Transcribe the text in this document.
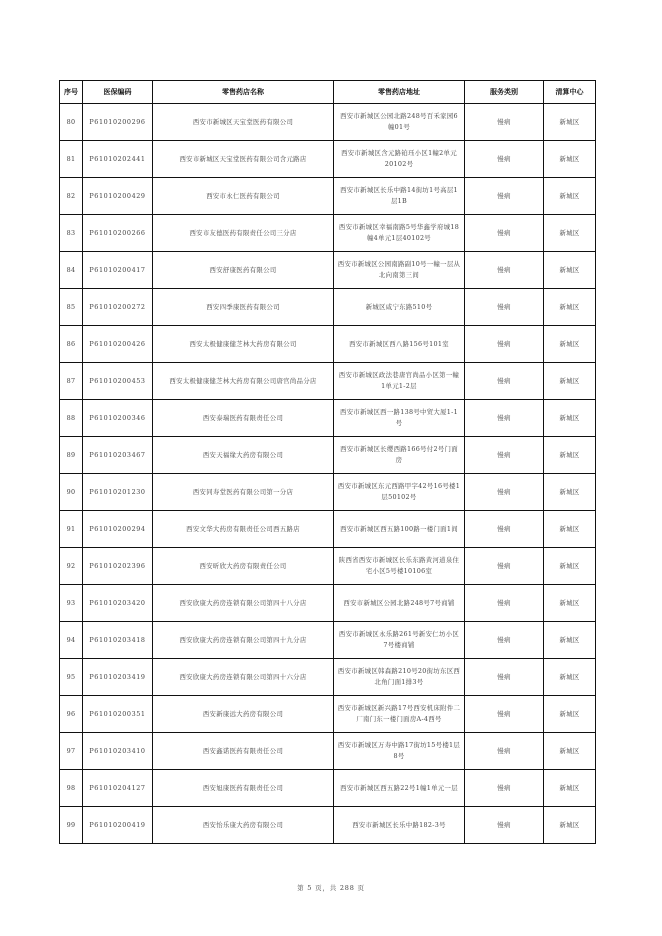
序号	医保编码	零售药店名称	零售药店地址	服务类别	清算中心
80	P61010200296	西安市新城区天宝堂医药有限公司	西安市新城区公园北路248号百禾家园6幢01号	慢病	新城区
81	P61010202441	西安市新城区天宝堂医药有限公司含元路店	西安市新城区含元路铂珏小区1幢2单元20102号	慢病	新城区
82	P61010200429	西安市永仁医药有限公司	西安市新城区长乐中路14街坊1号高层1层1B	慢病	新城区
83	P61010200266	西安市友德医药有限责任公司三分店	西安市新城区幸福南路5号华鑫学府城18幢4单元1层40102号	慢病	新城区
84	P61010200417	西安舒康医药有限公司	西安市新城区公园南路副10号一幢一层从北向南第三间	慢病	新城区
85	P61010200272	西安四季康医药有限公司	新城区咸宁东路510号	慢病	新城区
86	P61010200426	西安太极健康健芝林大药房有限公司	西安市新城区西八路156号101室	慢病	新城区
87	P61010200453	西安太极健康健芝林大药房有限公司唐官尚品分店	西安市新城区政法巷唐官尚品小区第一幢1单元1-2层	慢病	新城区
88	P61010200346	西安泰瑞医药有限责任公司	西安市新城区西一路138号中贸大厦1-1号	慢病	新城区
89	P61010203467	西安天福缘大药房有限公司	西安市新城区长缨西路166号付2号门面房	慢病	新城区
90	P61010201230	西安同寿堂医药有限公司第一分店	西安市新城区东元西路甲字42号16号楼1层50102号	慢病	新城区
91	P61010200294	西安文华大药房有限责任公司西五路店	西安市新城区西五路100路一楼门面1间	慢病	新城区
92	P61010202396	西安昕欣大药房有限责任公司	陕西省西安市新城区长乐东路黄河道泉住宅小区5号楼10106室	慢病	新城区
93	P61010203420	西安欣康大药房连锁有限公司第四十八分店	西安市新城区公园北路248号7号商铺	慢病	新城区
94	P61010203418	西安欣康大药房连锁有限公司第四十九分店	西安市新城区永乐路261号新安仁坊小区7号楼商铺	慢病	新城区
95	P61010203419	西安欣康大药房连锁有限公司第四十六分店	西安市新城区韩森路210号20街坊东区西北角门面1排3号	慢病	新城区
96	P61010200351	西安新康远大药房有限公司	西安市新城区新兴路17号西安机床附件二厂南门东一楼门面房A-4西号	慢病	新城区
97	P61010203410	西安鑫诺医药有限责任公司	西安市新城区万寿中路17街坊15号楼1层8号	慢病	新城区
98	P61010204127	西安旭康医药有限责任公司	西安市新城区西五路22号1幢1单元一层	慢病	新城区
99	P61010200419	西安怡乐康大药房有限公司	西安市新城区长乐中路182-3号	慢病	新城区
第 5 页，共 288 页
